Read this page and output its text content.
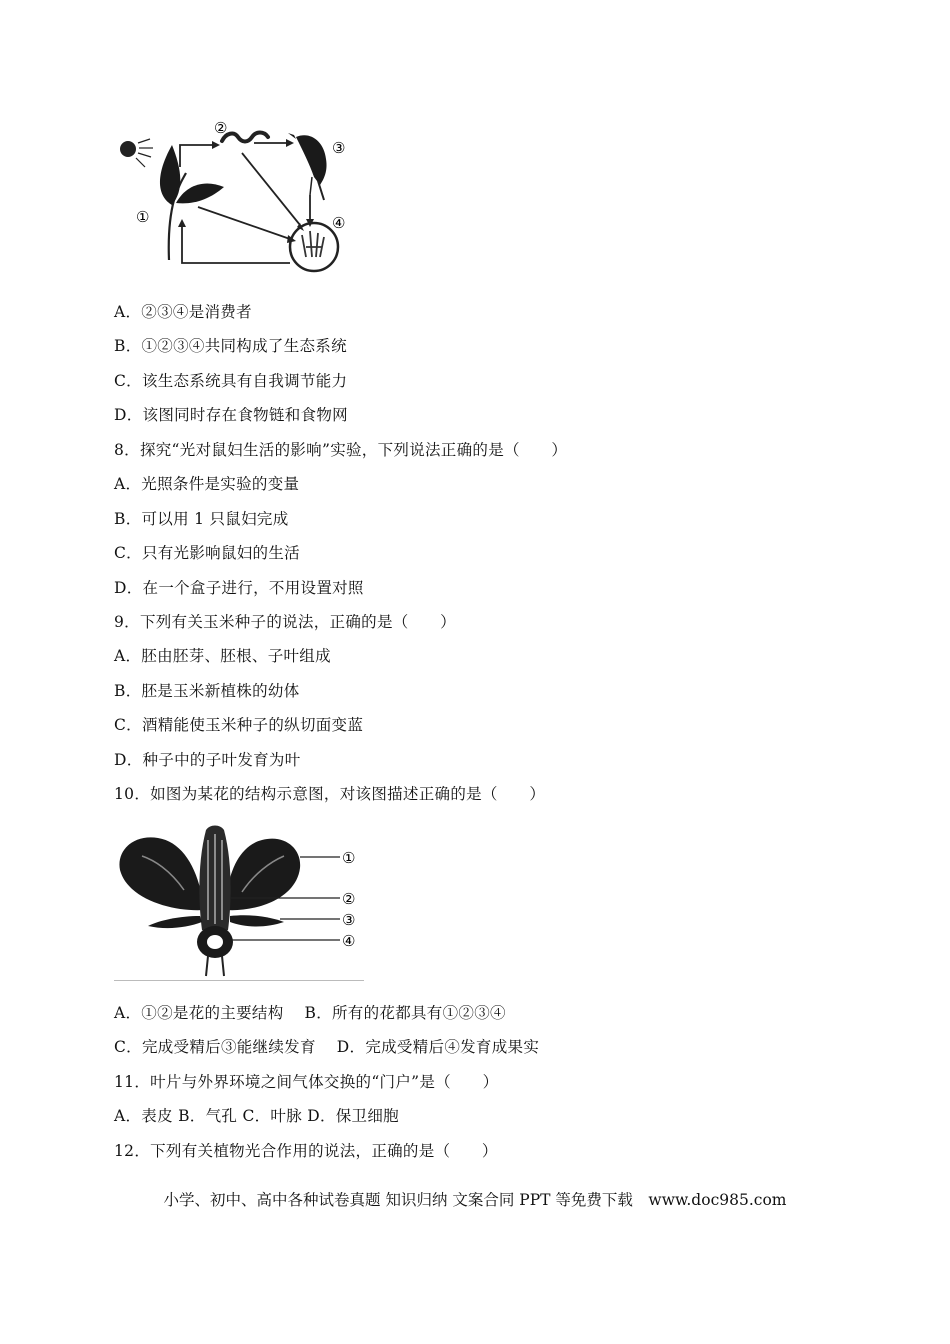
①
②
③
④
A．②③④是消费者
B．①②③④共同构成了生态系统
C．该生态系统具有自我调节能力
D．该图同时存在食物链和食物网
8．探究“光对鼠妇生活的影响”实验，下列说法正确的是（　　）
A．光照条件是实验的变量
B．可以用 1 只鼠妇完成
C．只有光影响鼠妇的生活
D．在一个盒子进行，不用设置对照
9．下列有关玉米种子的说法，正确的是（　　）
A．胚由胚芽、胚根、子叶组成
B．胚是玉米新植株的幼体
C．酒精能使玉米种子的纵切面变蓝
D．种子中的子叶发育为叶
10．如图为某花的结构示意图，对该图描述正确的是（　　）
①
②
③
④
A．①②是花的主要结构　 B．所有的花都具有①②③④
C．完成受精后③能继续发育　 D．完成受精后④发育成果实
11．叶片与外界环境之间气体交换的“门户”是（　　）
A．表皮 B．气孔 C．叶脉 D．保卫细胞
12．下列有关植物光合作用的说法，正确的是（　　）
小学、初中、高中各种试卷真题 知识归纳 文案合同 PPT 等免费下载　www.doc985.com
